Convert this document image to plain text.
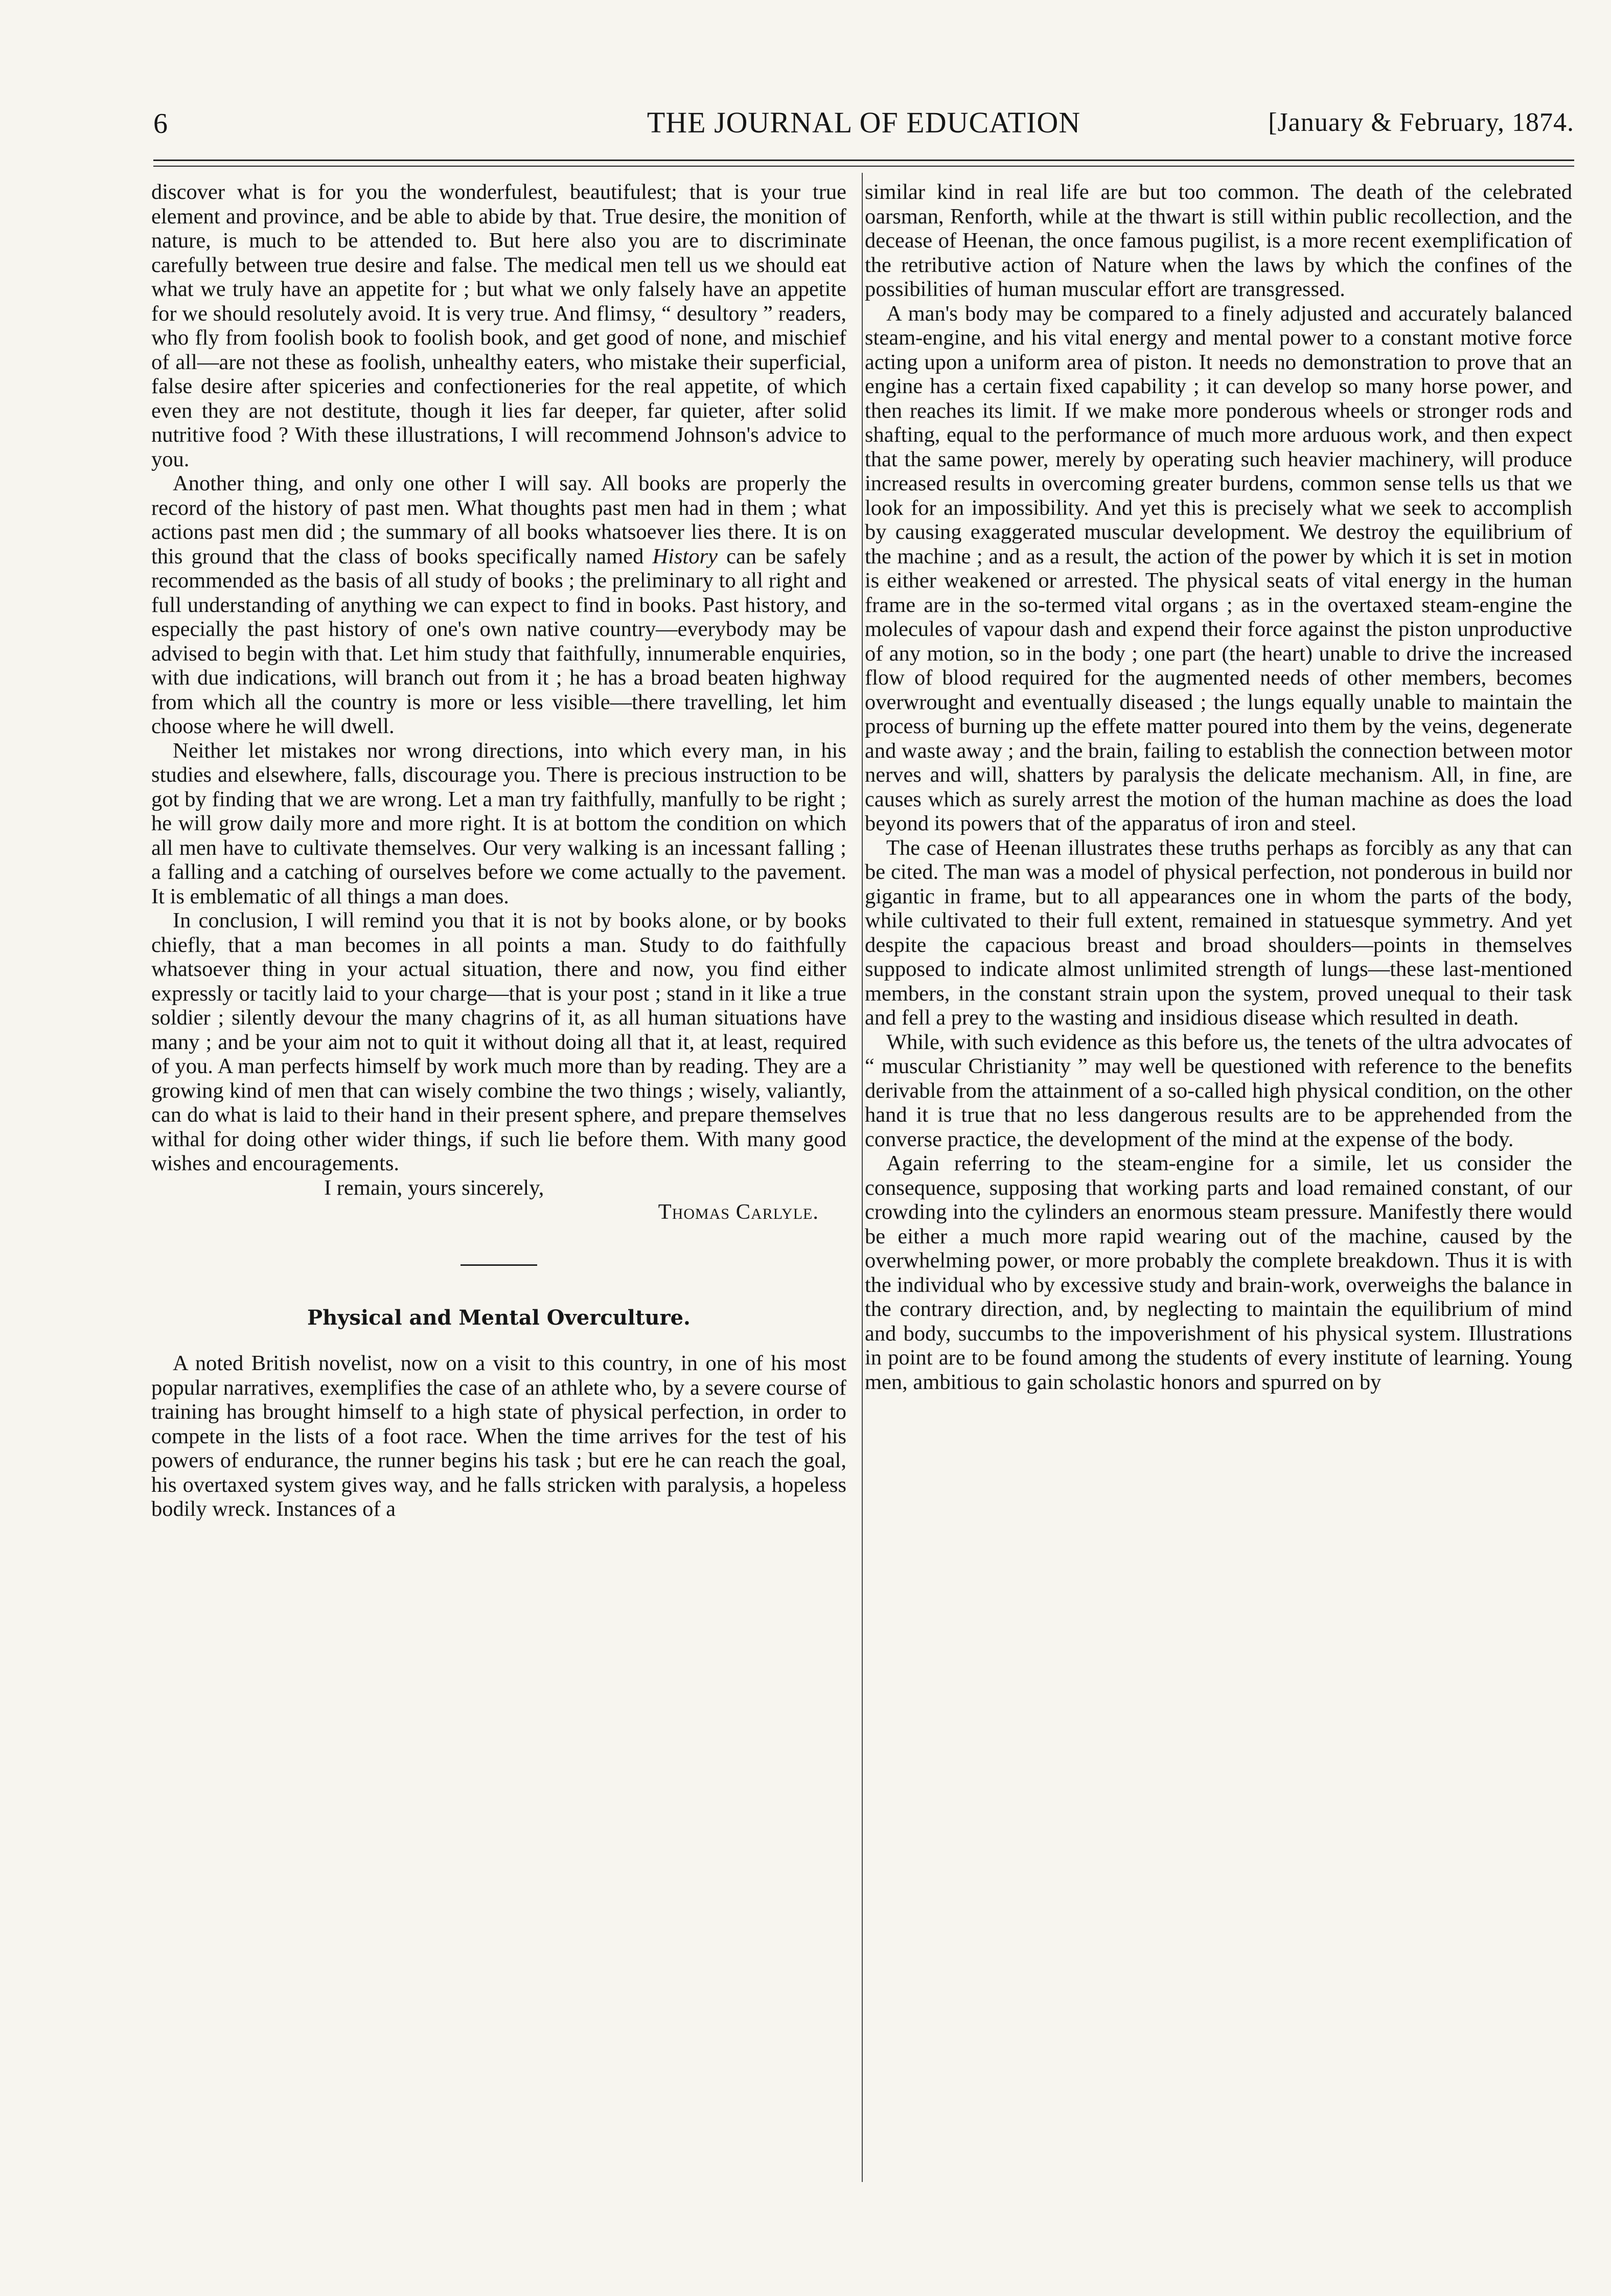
6	THE JOURNAL OF EDUCATION	[January & February, 1874.

discover what is for you the wonderfulest, beautifulest; that is your true element and province, and be able to abide by that. True desire, the monition of nature, is much to be attended to. But here also you are to discriminate carefully between true desire and false. The medical men tell us we should eat what we truly have an appetite for ; but what we only falsely have an appetite for we should resolutely avoid. It is very true. And flimsy, “ desultory ” readers, who fly from foolish book to foolish book, and get good of none, and mischief of all—are not these as foolish, unhealthy eaters, who mistake their superficial, false desire after spiceries and confectioneries for the real appetite, of which even they are not destitute, though it lies far deeper, far quieter, after solid nutritive food ? With these illustrations, I will recommend Johnson's advice to you.

Another thing, and only one other I will say. All books are properly the record of the history of past men. What thoughts past men had in them ; what actions past men did ; the summary of all books whatsoever lies there. It is on this ground that the class of books specifically named History can be safely recommended as the basis of all study of books ; the preliminary to all right and full understanding of anything we can expect to find in books. Past history, and especially the past history of one's own native country—everybody may be advised to begin with that. Let him study that faithfully, innumerable enquiries, with due indications, will branch out from it ; he has a broad beaten highway from which all the country is more or less visible—there travelling, let him choose where he will dwell.

Neither let mistakes nor wrong directions, into which every man, in his studies and elsewhere, falls, discourage you. There is precious instruction to be got by finding that we are wrong. Let a man try faithfully, manfully to be right ; he will grow daily more and more right. It is at bottom the condition on which all men have to cultivate themselves. Our very walking is an incessant falling ; a falling and a catching of ourselves before we come actually to the pavement. It is emblematic of all things a man does.

In conclusion, I will remind you that it is not by books alone, or by books chiefly, that a man becomes in all points a man. Study to do faithfully whatsoever thing in your actual situation, there and now, you find either expressly or tacitly laid to your charge—that is your post ; stand in it like a true soldier ; silently devour the many chagrins of it, as all human situations have many ; and be your aim not to quit it without doing all that it, at least, required of you. A man perfects himself by work much more than by reading. They are a growing kind of men that can wisely combine the two things ; wisely, valiantly, can do what is laid to their hand in their present sphere, and prepare themselves withal for doing other wider things, if such lie before them. With many good wishes and encouragements.

I remain, yours sincerely,
Thomas Carlyle.
Physical and Mental Overculture.

A noted British novelist, now on a visit to this country, in one of his most popular narratives, exemplifies the case of an athlete who, by a severe course of training has brought himself to a high state of physical perfection, in order to compete in the lists of a foot race. When the time arrives for the test of his powers of endurance, the runner begins his task ; but ere he can reach the goal, his overtaxed system gives way, and he falls stricken with paralysis, a hopeless bodily wreck. Instances of a

similar kind in real life are but too common. The death of the celebrated oarsman, Renforth, while at the thwart is still within public recollection, and the decease of Heenan, the once famous pugilist, is a more recent exemplification of the retributive action of Nature when the laws by which the confines of the possibilities of human muscular effort are transgressed.

A man's body may be compared to a finely adjusted and accurately balanced steam-engine, and his vital energy and mental power to a constant motive force acting upon a uniform area of piston. It needs no demonstration to prove that an engine has a certain fixed capability ; it can develop so many horse power, and then reaches its limit. If we make more ponderous wheels or stronger rods and shafting, equal to the performance of much more arduous work, and then expect that the same power, merely by operating such heavier machinery, will produce increased results in overcoming greater burdens, common sense tells us that we look for an impossibility. And yet this is precisely what we seek to accomplish by causing exaggerated muscular development. We destroy the equilibrium of the machine ; and as a result, the action of the power by which it is set in motion is either weakened or arrested. The physical seats of vital energy in the human frame are in the so-termed vital organs ; as in the overtaxed steam-engine the molecules of vapour dash and expend their force against the piston unproductive of any motion, so in the body ; one part (the heart) unable to drive the increased flow of blood required for the augmented needs of other members, becomes overwrought and eventually diseased ; the lungs equally unable to maintain the process of burning up the effete matter poured into them by the veins, degenerate and waste away ; and the brain, failing to establish the connection between motor nerves and will, shatters by paralysis the delicate mechanism. All, in fine, are causes which as surely arrest the motion of the human machine as does the load beyond its powers that of the apparatus of iron and steel.

The case of Heenan illustrates these truths perhaps as forcibly as any that can be cited. The man was a model of physical perfection, not ponderous in build nor gigantic in frame, but to all appearances one in whom the parts of the body, while cultivated to their full extent, remained in statuesque symmetry. And yet despite the capacious breast and broad shoulders—points in themselves supposed to indicate almost unlimited strength of lungs—these last-mentioned members, in the constant strain upon the system, proved unequal to their task and fell a prey to the wasting and insidious disease which resulted in death.

While, with such evidence as this before us, the tenets of the ultra advocates of “ muscular Christianity ” may well be questioned with reference to the benefits derivable from the attainment of a so-called high physical condition, on the other hand it is true that no less dangerous results are to be apprehended from the converse practice, the development of the mind at the expense of the body.

Again referring to the steam-engine for a simile, let us consider the consequence, supposing that working parts and load remained constant, of our crowding into the cylinders an enormous steam pressure. Manifestly there would be either a much more rapid wearing out of the machine, caused by the overwhelming power, or more probably the complete breakdown. Thus it is with the individual who by excessive study and brain-work, overweighs the balance in the contrary direction, and, by neglecting to maintain the equilibrium of mind and body, succumbs to the impoverishment of his physical system. Illustrations in point are to be found among the students of every institute of learning. Young men, ambitious to gain scholastic honors and spurred on by
